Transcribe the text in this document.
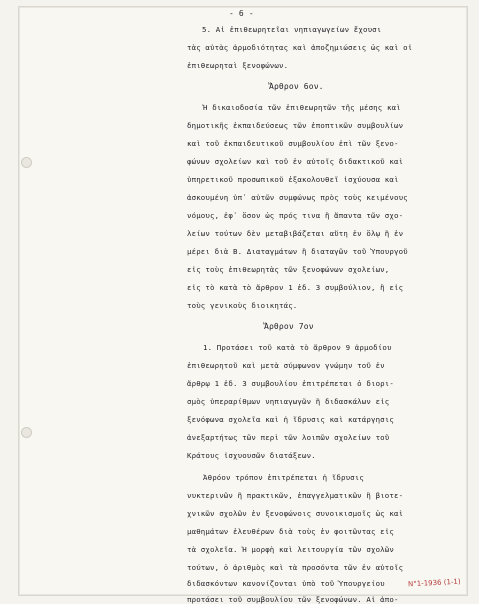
- 6 -
5. Αἱ ἐπιθεωρητεῖαι νηπιαγωγείων ἔχουσι
τὰς αὐτὰς ἀρμοδιότητας καὶ ἀποζημιώσεις ὡς καὶ οἱ
ἐπιθεωρηταὶ ξενοφώνων.
Ἄρθρον 6ον.
Ἡ δικαιοδοσία τῶν ἐπιθεωρητῶν τῆς μέσης καὶ
δημοτικῆς ἐκπαιδεύσεως τῶν ἐποπτικῶν συμβουλίων
καὶ τοῦ ἐκπαιδευτικοῦ συμβουλίου ἐπὶ τῶν ξενο-
φώνων σχολείων καὶ τοῦ ἐν αὐτοῖς διδακτικοῦ καὶ
ὑπηρετικοῦ προσωπικοῦ ἐξακολουθεῖ ἰσχύουσα καὶ
ἀσκουμένη ὑπ᾿ αὐτῶν συμφώνως πρὸς τοὺς κειμένους
νόμους, ἐφ᾿ ὅσον ὡς πρός τινα ἢ ἅπαντα τῶν σχο-
λείων τούτων δὲν μεταβιβάζεται αὕτη ἐν ὅλῳ ἢ ἐν
μέρει διὰ Β. Διαταγμάτων ἢ διαταγῶν τοῦ Ὑπουργοῦ
εἰς τοὺς ἐπιθεωρητὰς τῶν ξενοφώνων σχολείων,
εἰς τὸ κατὰ τὸ ἄρθρον 1 ἐδ. 3 συμβούλιον, ἢ εἰς
τοὺς γενικοὺς διοικητάς.
Ἄρθρον 7ον
1. Προτάσει τοῦ κατὰ τὸ ἄρθρον 9 ἁρμοδίου
ἐπιθεωρητοῦ καὶ μετὰ σύμφωνον γνώμην τοῦ ἐν
ἄρθρῳ 1 ἐδ. 3 συμβουλίου ἐπιτρέπεται ὁ διορι-
σμὸς ὑπεραρίθμων νηπιαγωγῶν ἢ διδασκάλων εἰς
ξενόφωνα σχολεῖα καὶ ἡ ἵδρυσις καὶ κατάργησις
ἀνεξαρτήτως τῶν περὶ τῶν λοιπῶν σχολείων τοῦ
Κράτους ἰσχυουσῶν διατάξεων.
Ἀθρόον τρόπον ἐπιτρέπεται ἡ ἵδρυσις
νυκτερινῶν ἢ πρακτικῶν, ἐπαγγελματικῶν ἢ βιοτε-
χνικῶν σχολῶν ἐν ξενοφώνοις συνοικισμοῖς ὡς καὶ
μαθημάτων ἐλευθέρων διὰ τοὺς ἐν φοιτῶντας εἰς
τὰ σχολεῖα. Ἡ μορφὴ καὶ λειτουργία τῶν σχολῶν
τούτων, ὁ ἀριθμὸς καὶ τὰ προσόντα τῶν ἐν αὐτοῖς
διδασκόντων κανονίζονται ὑπὸ τοῦ Ὑπουργείου
προτάσει τοῦ συμβουλίου τῶν ξενοφώνων. Αἱ ἀπο-
Ν°1-1936 (1-1)
